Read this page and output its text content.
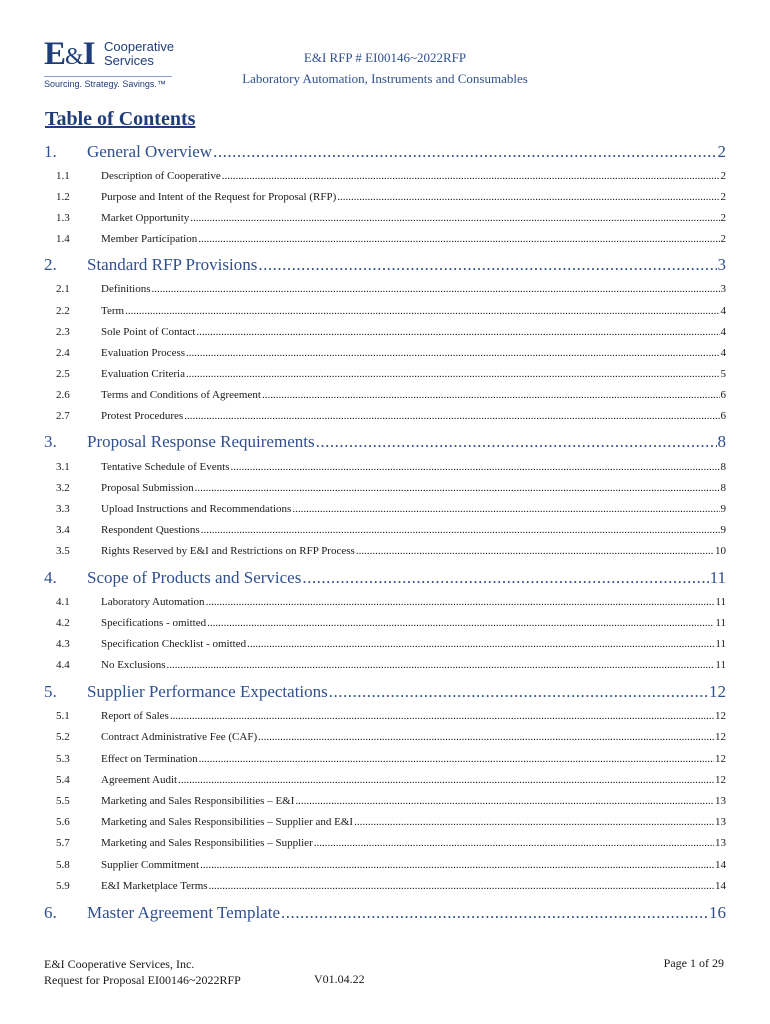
E&I Cooperative
Services
Sourcing. Strategy. Savings.™
E&I RFP # EI00146~2022RFP
Laboratory Automation, Instruments and Consumables
Table of Contents
1.	General Overview .....	2
1.1	Description of Cooperative .....	2
1.2	Purpose and Intent of the Request for Proposal (RFP) .....	2
1.3	Market Opportunity .....	2
1.4	Member Participation .....	2
2.	Standard RFP Provisions .....	3
2.1	Definitions .....	3
2.2	Term .....	4
2.3	Sole Point of Contact .....	4
2.4	Evaluation Process .....	4
2.5	Evaluation Criteria .....	5
2.6	Terms and Conditions of Agreement .....	6
2.7	Protest Procedures .....	6
3.	Proposal Response Requirements .....	8
3.1	Tentative Schedule of Events .....	8
3.2	Proposal Submission .....	8
3.3	Upload Instructions and Recommendations .....	9
3.4	Respondent Questions .....	9
3.5	Rights Reserved by E&I and Restrictions on RFP Process .....	10
4.	Scope of Products and Services .....	11
4.1	Laboratory Automation .....	11
4.2	Specifications - omitted .....	11
4.3	Specification Checklist - omitted .....	11
4.4	No Exclusions .....	11
5.	Supplier Performance Expectations .....	12
5.1	Report of Sales .....	12
5.2	Contract Administrative Fee (CAF) .....	12
5.3	Effect on Termination .....	12
5.4	Agreement Audit .....	12
5.5	Marketing and Sales Responsibilities – E&I .....	13
5.6	Marketing and Sales Responsibilities – Supplier and E&I .....	13
5.7	Marketing and Sales Responsibilities – Supplier .....	13
5.8	Supplier Commitment .....	14
5.9	E&I Marketplace Terms .....	14
6.	Master Agreement Template .....	16
E&I Cooperative Services, Inc.
Request for Proposal EI00146~2022RFP	V01.04.22
Page 1 of 29
